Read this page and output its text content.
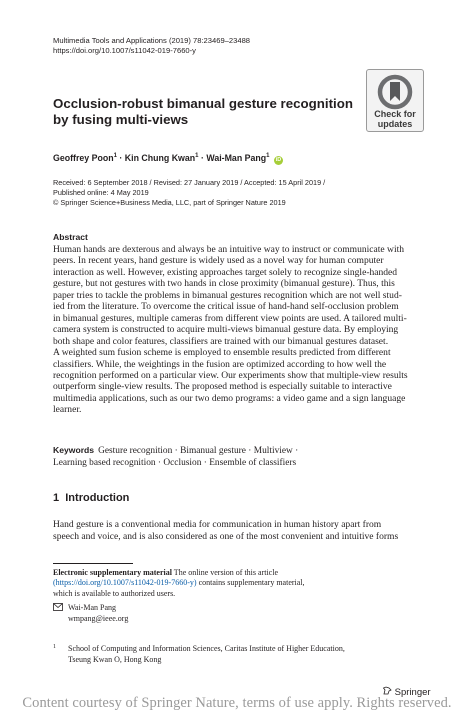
Multimedia Tools and Applications (2019) 78:23469–23488
https://doi.org/10.1007/s11042-019-7660-y
Check for
updates
Occlusion-robust bimanual gesture recognition
by fusing multi-views
Geoffrey Poon$^1$ · Kin Chung Kwan$^1$ · Wai-Man Pang$^1$ iD
Received: 6 September 2018 / Revised: 27 January 2019 / Accepted: 15 April 2019 /
Published online: 4 May 2019
© Springer Science+Business Media, LLC, part of Springer Nature 2019
Abstract
Human hands are dexterous and always be an intuitive way to instruct or communicate with
peers. In recent years, hand gesture is widely used as a novel way for human computer
interaction as well. However, existing approaches target solely to recognize single-handed
gesture, but not gestures with two hands in close proximity (bimanual gesture). Thus, this
paper tries to tackle the problems in bimanual gestures recognition which are not well stud-
ied from the literature. To overcome the critical issue of hand-hand self-occlusion problem
in bimanual gestures, multiple cameras from different view points are used. A tailored multi-
camera system is constructed to acquire multi-views bimanual gesture data. By employing
both shape and color features, classifiers are trained with our bimanual gestures dataset.
A weighted sum fusion scheme is employed to ensemble results predicted from different
classifiers. While, the weightings in the fusion are optimized according to how well the
recognition performed on a particular view. Our experiments show that multiple-view results
outperform single-view results. The proposed method is especially suitable to interactive
multimedia applications, such as our two demo programs: a video game and a sign language
learner.
Keywords Gesture recognition · Bimanual gesture · Multiview ·
Learning based recognition · Occlusion · Ensemble of classifiers
1 Introduction
Hand gesture is a conventional media for communication in human history apart from
speech and voice, and is also considered as one of the most convenient and intuitive forms
Electronic supplementary material The online version of this article
(https://doi.org/10.1007/s11042-019-7660-y) contains supplementary material,
which is available to authorized users.
Wai-Man Pang
wmpang@ieee.org
1 School of Computing and Information Sciences, Caritas Institute of Higher Education,
Tseung Kwan O, Hong Kong
Springer
Content courtesy of Springer Nature, terms of use apply. Rights reserved.
